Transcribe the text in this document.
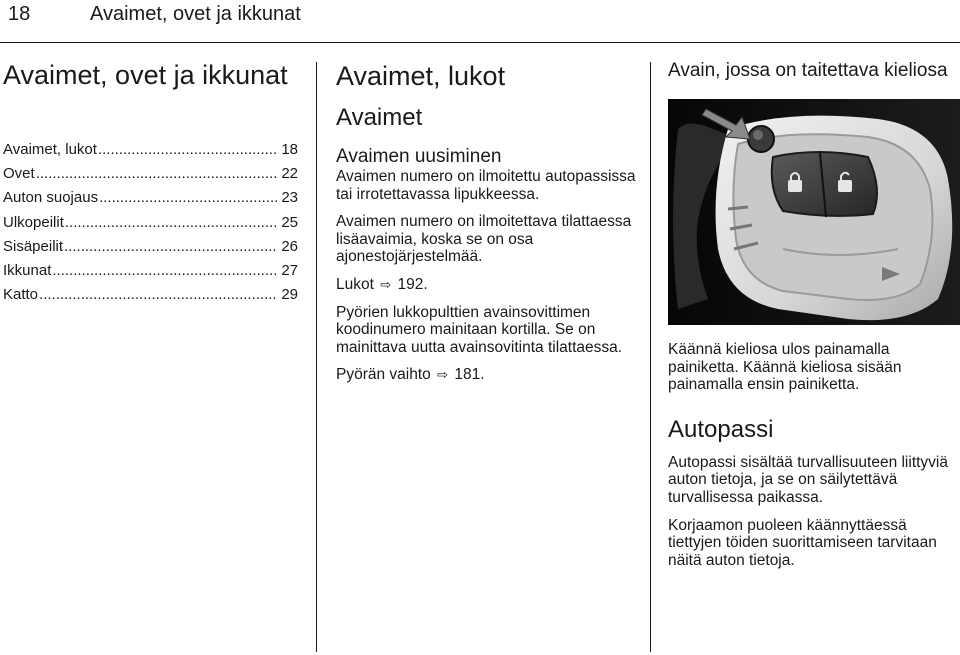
18	Avaimet, ovet ja ikkunat
Avaimet, ovet ja ikkunat
Avaimet, lukot .....	18
Ovet .....	22
Auton suojaus .....	23
Ulkopeilit .....	25
Sisäpeilit .....	26
Ikkunat .....	27
Katto .....	29
Avaimet, lukot
Avaimet
Avaimen uusiminen

Avaimen numero on ilmoitettu autopassissa tai irrotettavassa lipukkeessa.

Avaimen numero on ilmoitettava tilattaessa lisäavaimia, koska se on osa ajonestojärjestelmää.

Lukot ⇨ 192.

Pyörien lukkopulttien avainsovittimen koodinumero mainitaan kortilla. Se on mainittava uutta avainsovitinta tilattaessa.

Pyörän vaihto ⇨ 181.

Avain, jossa on taitettava kieliosa

Käännä kieliosa ulos painamalla painiketta. Käännä kieliosa sisään painamalla ensin painiketta.

Autopassi

Autopassi sisältää turvallisuuteen liittyviä auton tietoja, ja se on säilytettävä turvallisessa paikassa.

Korjaamon puoleen käännyttäessä tiettyjen töiden suorittamiseen tarvitaan näitä auton tietoja.
